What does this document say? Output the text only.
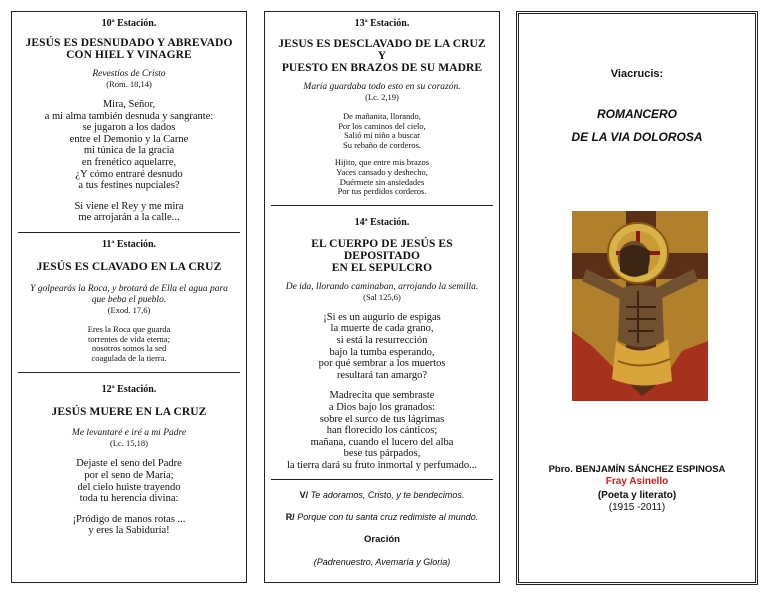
10ª Estación.
JESÚS ES DESNUDADO Y ABREVADO
CON HIEL Y VINAGRE
Revestíos de Cristo
(Rom. 18,14)
Mira, Señor,
a mi alma también desnuda y sangrante:
se jugaron a los dados
entre el Demonio y la Carne
mi túnica de la gracia
en frenético aquelarre,
¿Y cómo entraré desnudo
a tus festines nupciales?
Si viene el Rey y me mira
me arrojarán a la calle...
11ª Estación.
JESÚS ES CLAVADO EN LA CRUZ
Y golpearás la Roca, y brotará de Ella el agua para
que beba el pueblo.
(Exod. 17,6)
Eres la Roca que guarda
torrentes de vida eterna;
nosotros somos la sed
coagulada de la tierra.
12ª Estación.
JESÚS MUERE EN LA CRUZ
Me levantaré e iré a mi Padre
(Lc. 15,18)
Dejaste el seno del Padre
por el seno de María;
del cielo huiste trayendo
toda tu herencia divina:
¡Pródigo de manos rotas ...
y eres la Sabiduría!
13ª Estación.
JESUS ES DESCLAVADO DE LA CRUZ Y
PUESTO EN BRAZOS DE SU MADRE
María guardaba todo esto en su corazón.
(Lc. 2,19)
De mañanita, llorando,
Por los caminos del cielo,
Salió mi niño a buscar
Su rebaño de corderos.
Hijito, que entre mis brazos
Yaces cansado y deshecho,
Duérmete sin ansiedades
Por tus perdidos corderos.
14ª Estación.
EL CUERPO DE JESÚS ES DEPOSITADO
EN EL SEPULCRO
De ida, llorando caminaban, arrojando la semilla.
(Sal 125,6)
¡Si es un augurio de espigas
la muerte de cada grano,
si está la resurrección
bajo la tumba esperando,
por qué sembrar a los muertos
resultará tan amargo?
Madrecita que sembraste
a Dios bajo los granados:
sobre el surco de tus lágrimas
han florecido los cánticos;
mañana, cuando el lucero del alba
bese tus párpados,
la tierra dará su fruto inmortal y perfumado...
V/ Te adoramos, Cristo, y te bendecimos.
R/ Porque con tu santa cruz redimiste al mundo.
Oración
(Padrenuestro, Avemaría y Gloria)
Viacrucis:
ROMANCERO
DE LA VIA DOLOROSA
Pbro. BENJAMÍN SÁNCHEZ ESPINOSA
Fray Asinello
(Poeta y literato)
(1915 -2011)
